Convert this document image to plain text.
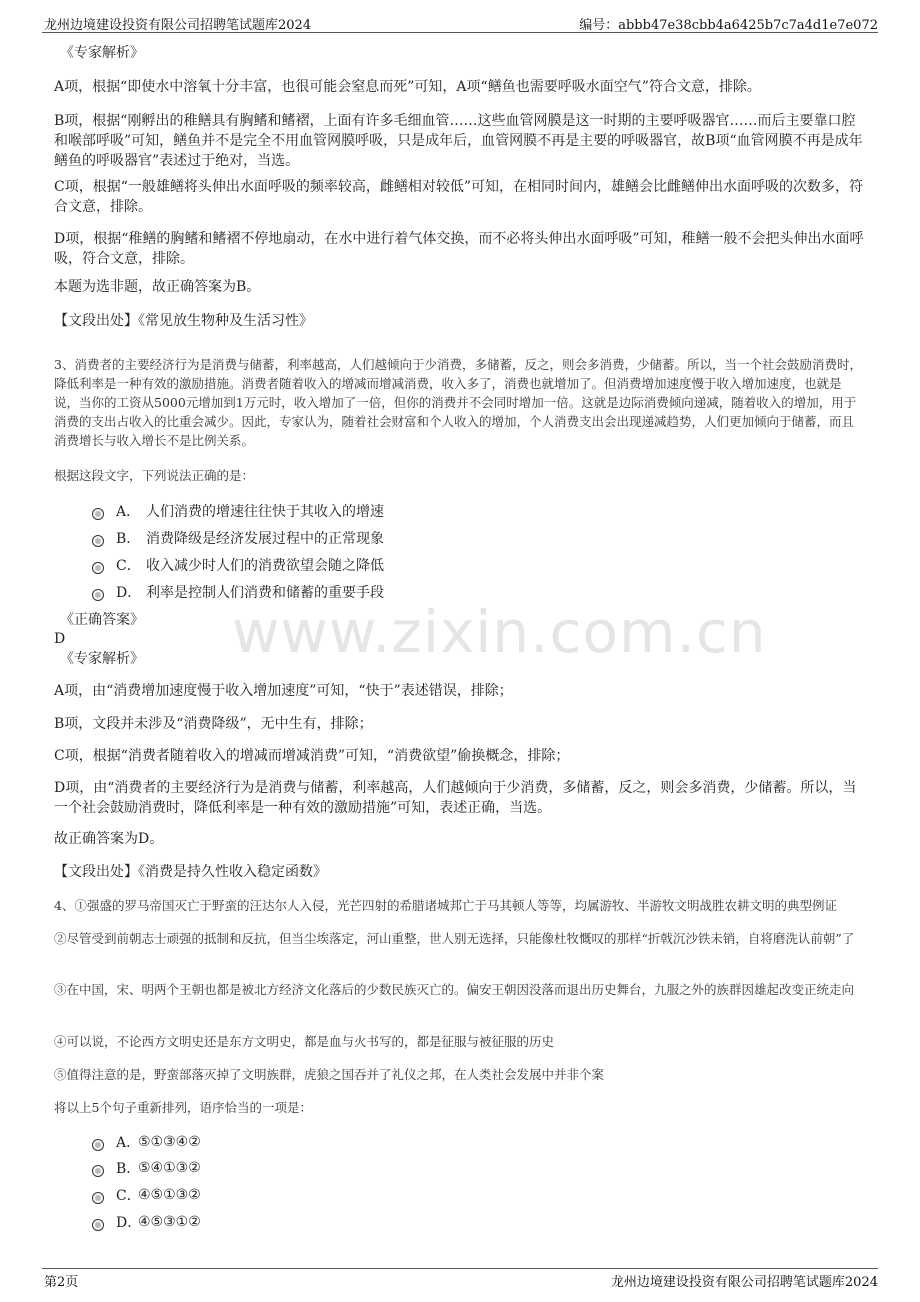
龙州边境建设投资有限公司招聘笔试题库2024	编号：abbb47e38cbb4a6425b7c7a4d1e7e072
www.zixin.com.cn

《专家解析》

A项，根据“即使水中溶氧十分丰富，也很可能会窒息而死”可知，A项“鳝鱼也需要呼吸水面空气”符合文意，排除。

B项，根据“刚孵出的稚鳝具有胸鳍和鳍褶，上面有许多毛细血管……这些血管网膜是这一时期的主要呼吸器官……而后主要靠口腔和喉部呼吸”可知，鳝鱼并不是完全不用血管网膜呼吸，只是成年后，血管网膜不再是主要的呼吸器官，故B项“血管网膜不再是成年鳝鱼的呼吸器官”表述过于绝对，当选。

C项，根据“一般雄鳝将头伸出水面呼吸的频率较高，雌鳝相对较低”可知，在相同时间内，雄鳝会比雌鳝伸出水面呼吸的次数多，符合文意，排除。

D项，根据“稚鳝的胸鳍和鳍褶不停地扇动，在水中进行着气体交换，而不必将头伸出水面呼吸”可知，稚鳝一般不会把头伸出水面呼吸，符合文意，排除。

本题为选非题，故正确答案为B。

【文段出处】《常见放生物种及生活习性》

3、消费者的主要经济行为是消费与储蓄，利率越高，人们越倾向于少消费，多储蓄，反之，则会多消费，少储蓄。所以，当一个社会鼓励消费时，降低利率是一种有效的激励措施。消费者随着收入的增减而增减消费，收入多了，消费也就增加了。但消费增加速度慢于收入增加速度，也就是说，当你的工资从5000元增加到1万元时，收入增加了一倍，但你的消费并不会同时增加一倍。这就是边际消费倾向递减，随着收入的增加，用于消费的支出占收入的比重会减少。因此，专家认为，随着社会财富和个人收入的增加，个人消费支出会出现递减趋势，人们更加倾向于储蓄，而且消费增长与收入增长不是比例关系。

根据这段文字，下列说法正确的是：

A． 人们消费的增速往往快于其收入的增速
B． 消费降级是经济发展过程中的正常现象
C． 收入减少时人们的消费欲望会随之降低
D． 利率是控制人们消费和储蓄的重要手段

《正确答案》

D

《专家解析》

A项，由“消费增加速度慢于收入增加速度”可知，“快于”表述错误，排除；

B项，文段并未涉及“消费降级”，无中生有，排除；

C项，根据“消费者随着收入的增减而增减消费”可知，“消费欲望”偷换概念，排除；

D项，由“消费者的主要经济行为是消费与储蓄，利率越高，人们越倾向于少消费，多储蓄，反之，则会多消费，少储蓄。所以，当一个社会鼓励消费时，降低利率是一种有效的激励措施”可知，表述正确，当选。

故正确答案为D。

【文段出处】《消费是持久性收入稳定函数》

4、①强盛的罗马帝国灭亡于野蛮的汪达尔人入侵，光芒四射的希腊诸城邦亡于马其顿人等等，均属游牧、半游牧文明战胜农耕文明的典型例证

②尽管受到前朝志士顽强的抵制和反抗，但当尘埃落定，河山重整，世人别无选择，只能像杜牧慨叹的那样“折戟沉沙铁未销，自将磨洗认前朝”了

③在中国，宋、明两个王朝也都是被北方经济文化落后的少数民族灭亡的。偏安王朝因没落而退出历史舞台，九服之外的族群因雄起改变正统走向

④可以说，不论西方文明史还是东方文明史，都是血与火书写的，都是征服与被征服的历史

⑤值得注意的是，野蛮部落灭掉了文明族群，虎狼之国吞并了礼仪之邦，在人类社会发展中并非个案

将以上5个句子重新排列，语序恰当的一项是：

A．
⑤①③④②
B．
⑤④①③②
C．
④⑤①③②
D．
④⑤③①②
第2页	龙州边境建设投资有限公司招聘笔试题库2024
